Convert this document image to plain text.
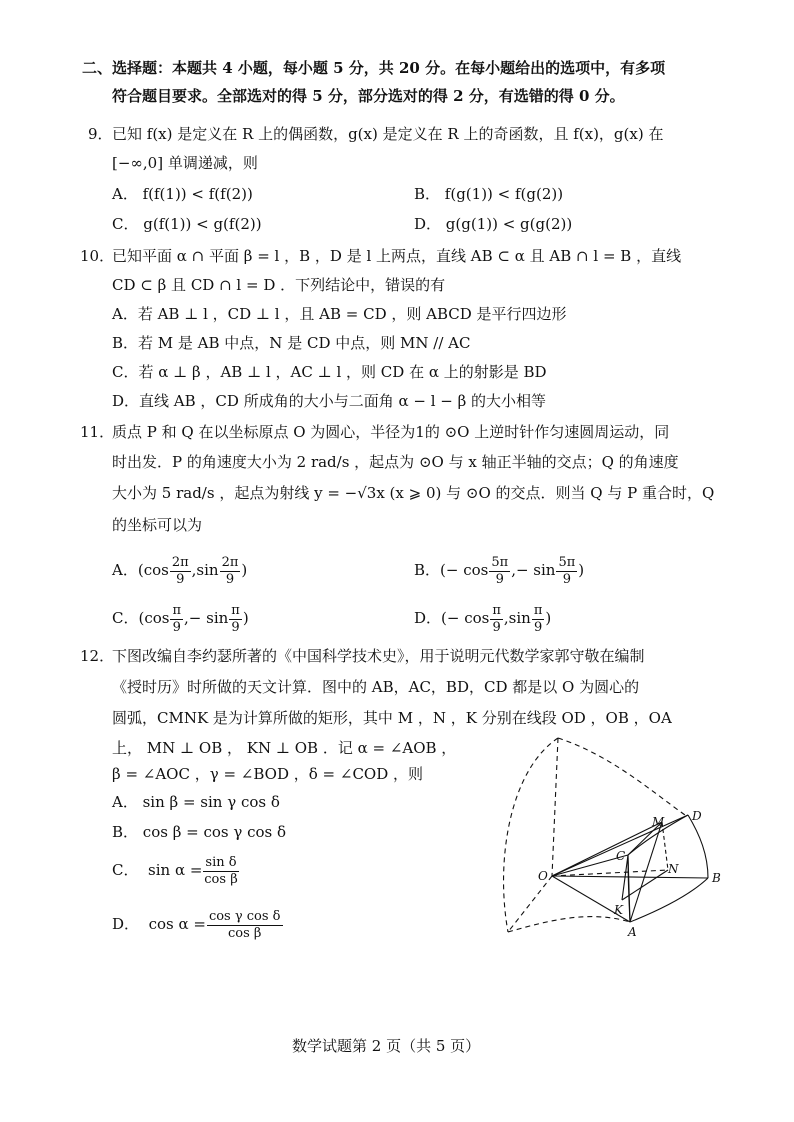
二、选择题：本题共 4 小题，每小题 5 分，共 20 分。在每小题给出的选项中，有多项
符合题目要求。全部选对的得 5 分，部分选对的得 2 分，有选错的得 0 分。
9． 已知 f(x) 是定义在 R 上的偶函数，g(x) 是定义在 R 上的奇函数，且 f(x)，g(x) 在
[−∞,0] 单调递减，则
A． f(f(1)) < f(f(2))	B． f(g(1)) < f(g(2))
C． g(f(1)) < g(f(2))	D． g(g(1)) < g(g(2))
10．
已知平面 α ∩ 平面 β = l ，B ，D 是 l 上两点，直线 AB ⊂ α 且 AB ∩ l = B ，直线
CD ⊂ β 且 CD ∩ l = D ．下列结论中，错误的有
A．若 AB ⊥ l ，CD ⊥ l ，且 AB = CD ，则 ABCD 是平行四边形
B．若 M 是 AB 中点，N 是 CD 中点，则 MN // AC
C．若 α ⊥ β ，AB ⊥ l ，AC ⊥ l ，则 CD 在 α 上的射影是 BD
D．直线 AB ，CD 所成角的大小与二面角 α − l − β 的大小相等
11．
质点 P 和 Q 在以坐标原点 O 为圆心，半径为1的 ⊙O 上逆时针作匀速圆周运动，同
时出发．P 的角速度大小为 2 rad/s ，起点为 ⊙O 与 x 轴正半轴的交点；Q 的角速度
大小为 5 rad/s ，起点为射线 y = −√3x (x ⩾ 0) 与 ⊙O 的交点．则当 Q 与 P 重合时，Q
的坐标可以为
A．($\cos \frac{2\pi}{9} ,\sin \frac{2\pi}{9}$ )	B．(− $\cos \frac{5\pi}{9}$ ,− $\sin \frac{5\pi}{9}$ )
C．($\cos \frac{\pi}{9}$ ,− $\sin \frac{\pi}{9}$ )	D．(− $\cos \frac{\pi}{9} ,\sin \frac{\pi}{9}$ )
12．
下图改编自李约瑟所著的《中国科学技术史》，用于说明元代数学家郭守敬在编制
《授时历》时所做的天文计算．图中的 AB，AC，BD，CD 都是以 O 为圆心的
圆弧，CMNK 是为计算所做的矩形，其中 M ，N ，K 分别在线段 OD ，OB ，OA
上， MN ⊥ OB ， KN ⊥ OB ．记 α = ∠AOB ，
β = ∠AOC ，γ = ∠BOD ，δ = ∠COD ，则
A． sin β = sin γ cos δ
B． cos β = cos γ cos δ
C． $\sin \alpha = \frac{\text{sin δ}}{\text{cos β}}$
D． $\cos \alpha = \frac{\text{cos γ cos δ}}{\text{cos β}}$
O
A
B
C
D
M
N
K
数学试题第 2 页（共 5 页）
